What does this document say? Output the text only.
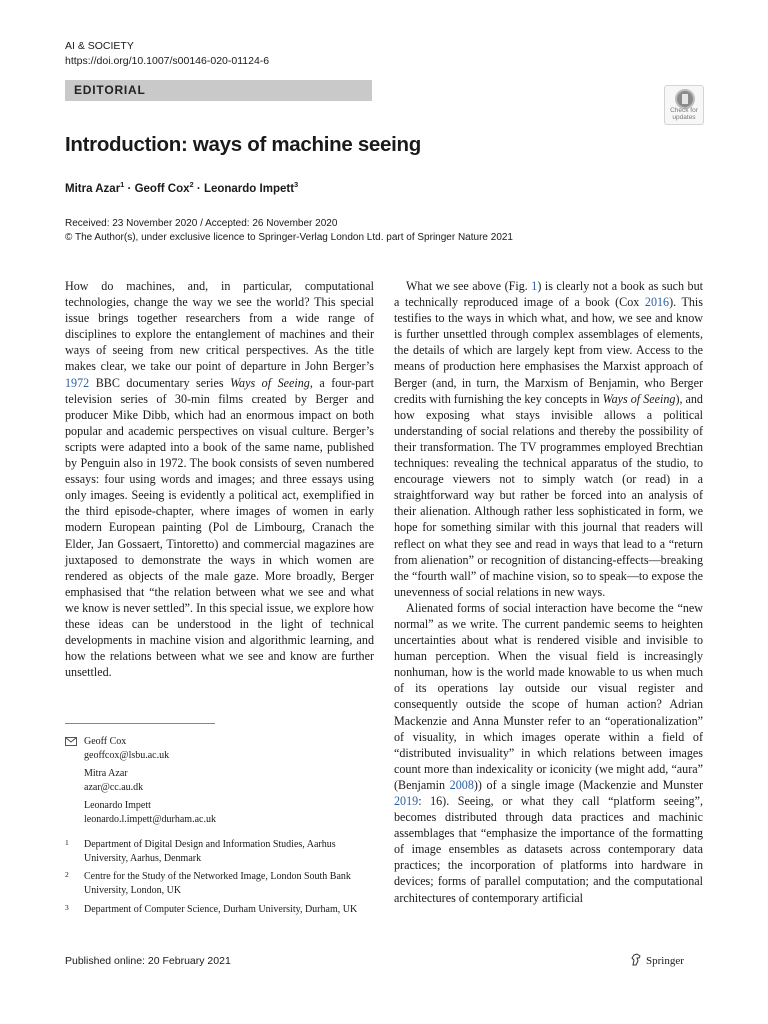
AI & SOCIETY
https://doi.org/10.1007/s00146-020-01124-6
EDITORIAL
Check for
updates
Introduction: ways of machine seeing
Mitra Azar$^1$ · Geoff Cox$^2$ · Leonardo Impett$^3$
Received: 23 November 2020 / Accepted: 26 November 2020
© The Author(s), under exclusive licence to Springer-Verlag London Ltd. part of Springer Nature 2021

How do machines, and, in particular, computational technologies, change the way we see the world? This special issue brings together researchers from a wide range of disciplines to explore the entanglement of machines and their ways of seeing from new critical perspectives. As the title makes clear, we take our point of departure in John Berger’s 1972 BBC documentary series Ways of Seeing, a four-part television series of 30-min films created by Berger and producer Mike Dibb, which had an enormous impact on both popular and academic perspectives on visual culture. Berger’s scripts were adapted into a book of the same name, published by Penguin also in 1972. The book consists of seven numbered essays: four using words and images; and three essays using only images. Seeing is evidently a political act, exemplified in the third episode-chapter, where images of women in early modern European painting (Pol de Limbourg, Cranach the Elder, Jan Gossaert, Tintoretto) and commercial magazines are juxtaposed to demonstrate the ways in which women are rendered as objects of the male gaze. More broadly, Berger emphasised that “the relation between what we see and what we know is never settled”. In this special issue, we explore how these ideas can be understood in the light of technical developments in machine vision and algorithmic learning, and how the relations between what we see and know are further unsettled.

What we see above (Fig. 1) is clearly not a book as such but a technically reproduced image of a book (Cox 2016). This testifies to the ways in which what, and how, we see and know is further unsettled through complex assemblages of elements, the details of which are largely kept from view. Access to the means of production here emphasises the Marxist approach of Berger (and, in turn, the Marxism of Benjamin, who Berger credits with furnishing the key concepts in Ways of Seeing), and how exposing what stays invisible allows a political understanding of social relations and thereby the possibility of their transformation. The TV programmes employed Brechtian techniques: revealing the technical apparatus of the studio, to encourage viewers not to simply watch (or read) in a straightforward way but rather be forced into an analysis of their alienation. Although rather less sophisticated in form, we hope for something similar with this journal that readers will reflect on what they see and read in ways that lead to a “return from alienation” or recognition of distancing-effects—breaking the “fourth wall” of machine vision, so to speak—to expose the unevenness of social relations in new ways.

Alienated forms of social interaction have become the “new normal” as we write. The current pandemic seems to heighten uncertainties about what is rendered visible and invisible to human perception. When the visual field is increasingly nonhuman, how is the world made knowable to us when much of its operations lay outside our visual register and consequently outside the scope of human action? Adrian Mackenzie and Anna Munster refer to an “operationalization” of visuality, in which images operate within a field of “distributed invisuality” in which relations between images count more than indexicality or iconicity (we might add, “aura” (Benjamin 2008)) of a single image (Mackenzie and Munster 2019: 16). Seeing, or what they call “platform seeing”, becomes distributed through data practices and machinic assemblages that “emphasize the importance of the formatting of image ensembles as datasets across contemporary data practices; the incorporation of platforms into hardware in devices; forms of parallel computation; and the computational architectures of contemporary artificial

Geoff Cox
geoffcox@lsbu.ac.uk
Mitra Azar
azar@cc.au.dk
Leonardo Impett
leonardo.l.impett@durham.ac.uk
1 Department of Digital Design and Information Studies, Aarhus University, Aarhus, Denmark
2 Centre for the Study of the Networked Image, London South Bank University, London, UK
3 Department of Computer Science, Durham University, Durham, UK
Published online: 20 February 2021	Springer
